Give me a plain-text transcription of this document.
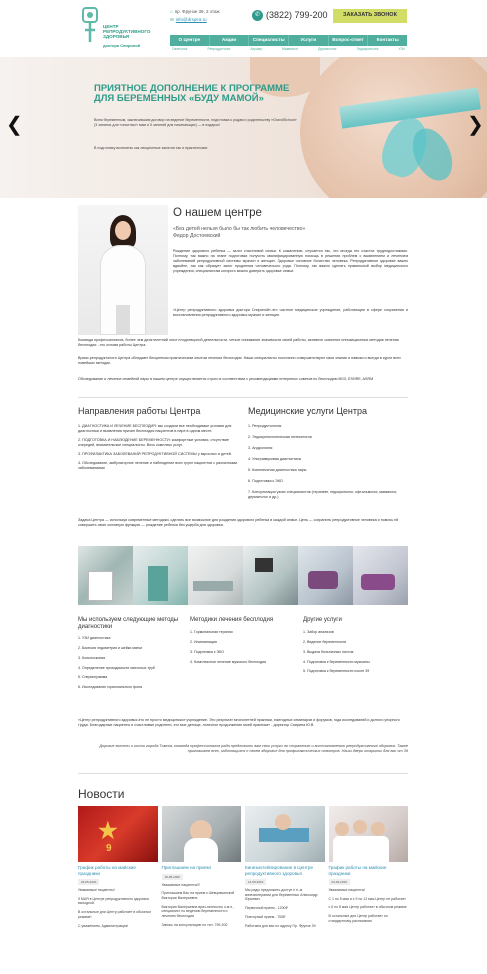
ЦЕНТР
РЕПРОДУКТИВНОГО
ЗДОРОВЬЯ
доктора Спириной
⌂ пр. Фрунзе 39, 2 этаж
✉ info@drspira.ru
✆ (3822) 799-200	ЗАКАЗАТЬ ЗВОНОК
О Центре	Акции	Специалисты	Услуги	Вопрос-ответ	Контакты
Гинеколог	Репродуктолог	Акушер	Маммолог	Дерматолог	Эндокринолог	УЗИ
ПРИЯТНОЕ ДОПОЛНЕНИЕ К ПРОГРАММЕ ДЛЯ БЕРЕМЕННЫХ «БУДУ МАМОЙ»
Всем беременным, заключившим договор на ведение беременности, подготовка к родам и родительству «GravidSchool» (3 занятия для «опытных» мам и 5 занятий для начинающих) — в подарок!
В подготовку включены как лекционные занятия так и практические.
❮	❯
О нашем центре
«Без детей нельзя было бы так любить человечество»
Федор Достоевский
Рождение здорового ребенка — залог счастливой семьи. К сожалению, случается так, что иногда это счастье труднодостижимо. Поэтому, так важно на этапе подготовки получить квалифицированную помощь в решении проблем с выявлением и лечением заболеваний репродуктивной системы мужчин и женщин. Здоровье основное богатство человека. Репродуктивное здоровье важно вдвойне, так как образует залог продления человеческого рода. Поэтому, так важно сделать правильный выбор медицинского учреждения, специалистам которого можно доверить здоровье семьи.
«Центр репродуктивного здоровья доктора Спириной»-это частное медицинское учреждение, работающее в сфере сохранения и восстановления репродуктивного здоровья мужчин и женщин.
Команда профессионалов, более чем десятилетний опыт плодотворной деятельности, четкое понимание значимости своей работы, активное освоение инновационных методов лечения бесплодия - это основа работы Центра.
Врачи-репродуктологи Центра обладают бесценным практическим опытом лечения бесплодия. Наши специалисты постоянно совершенствуют свои знания и навыки и всегда в курсе всех новейших методик.
Обследование и лечение семейной пары в нашем центре осуществляется строго в соответствии с рекомендациями интернеых советов по бесплодию ВОЗ, ESHRE, ASRM
Направления работы Центра	Медицинские услуги Центра
1. ДИАГНОСТИКА И ЛЕЧЕНИЕ БЕСПЛОДИЯ: мы создали все необходимые условия для диагностики и выявления причин бесплодия пациентов в паре в одном месте.
2. ПОДГОТОВКА И НАБЛЮДЕНИЕ БЕРЕМЕННОСТИ: комфортные условия, отсутствие очередей, внимательные специалисты. Весь комплекс услуг.
3. ПРОФИЛАКТИКА ЗАБОЛЕВАНИЙ РЕПРОДУКТИВНОЙ СИСТЕМЫ у взрослых и детей.
4. Обследование, амбулаторное лечение и наблюдение всех групп пациентов с различными заболеваниями
1. Репродуктология
2. Эндокринологическая гинекология
3. Андрология
4. Ультразвуковая диагностика
5. Комплексная диагностика пары
6. Подготовка к ЭКО
7. Консультации узких специалистов (терапевт, эндокринолог, офтальмолог, маммолог, дерматолог и др.)
Задача Центра — используя современные методики, сделать все возможное для рождения здорового ребенка в каждой семье. Цель — сохранить репродуктивное человека и помочь ей совершить свою основную функцию — рождение ребенка без ущерба для здоровья.
Мы используем следующие методы диагностики
Методики лечения бесплодия	Другие услуги
1. УЗИ диагностика
2. Биопсия эндометрия и шейки матки
3. Кольпоскопия
4. Определение проходимости маточных труб
5. Спермограмма
6. Исследование гормонального фона
1. Гормональная терапия
2. Инсеминация
3. Подготовка к ЭКО
4. Комплексное лечение мужского бесплодия
1. Забор анализов
2. Ведение беременности
3. Выдача больничных листов
4. Подготовка к беременности мужчины
5. Подготовка к беременности после 39
«Центр репродуктивного здоровья-это не просто медицинское учреждение. Это результат многолетней практики, ежегодных семинаров и форумов, года исследований и долгого упорного труда. Благодарные пациенты и счастливые родители, это мое детище, логичное продолжение моей практики» - директор Спирина Ю.В.
Дорогие жители и гости города Томска, команда профессионалов рада предложить вам свои услуги по сохранению и восстановлению репродуктивного здоровья. Также приглашаем всех, заботящихся о своем здоровье для профилактических осмотров. Наши двери открыты для вас от 39
Новости
★
9
График работы на майские праздники
03-05-2020

Уважаемые пациенты!

9 МАЯ в Центре репродуктивного здоровья выходной.

В остальные дни Центр работает в обычном режиме!

С уважением, Администрация!

Приглашаем на прием!
18-05-2020

Уважаемые пациенты!!!

Приглашаем Вас на прием к Шевцовчинской Виктории Валерьевне.

Виктория Валерьевна врач-гинеколог, к.м.н., специалист по ведению беременности и лечению бесплодия

Запись на консультацию по тел. 799-200

Кинезиотейпирование в Центре репродуктивного здоровья
14-05-2019

Мы рады предложить доступ к н. м. кинезиотерапии для беременных Александр Юрьевич

Первичный прием - 1200₽

Повторный прием - 700₽

Работаем для вас по адресу Пр. Фрунзе 39

График работы на майские праздники
23-04-2019

Уважаемые пациенты!

С 1 по 5 мая и с 9 по 12 мая Центр не работает

с 6 по 8 мая Центр работает в обычном режиме

В остальные дни Центр работает по стандартному расписанию
